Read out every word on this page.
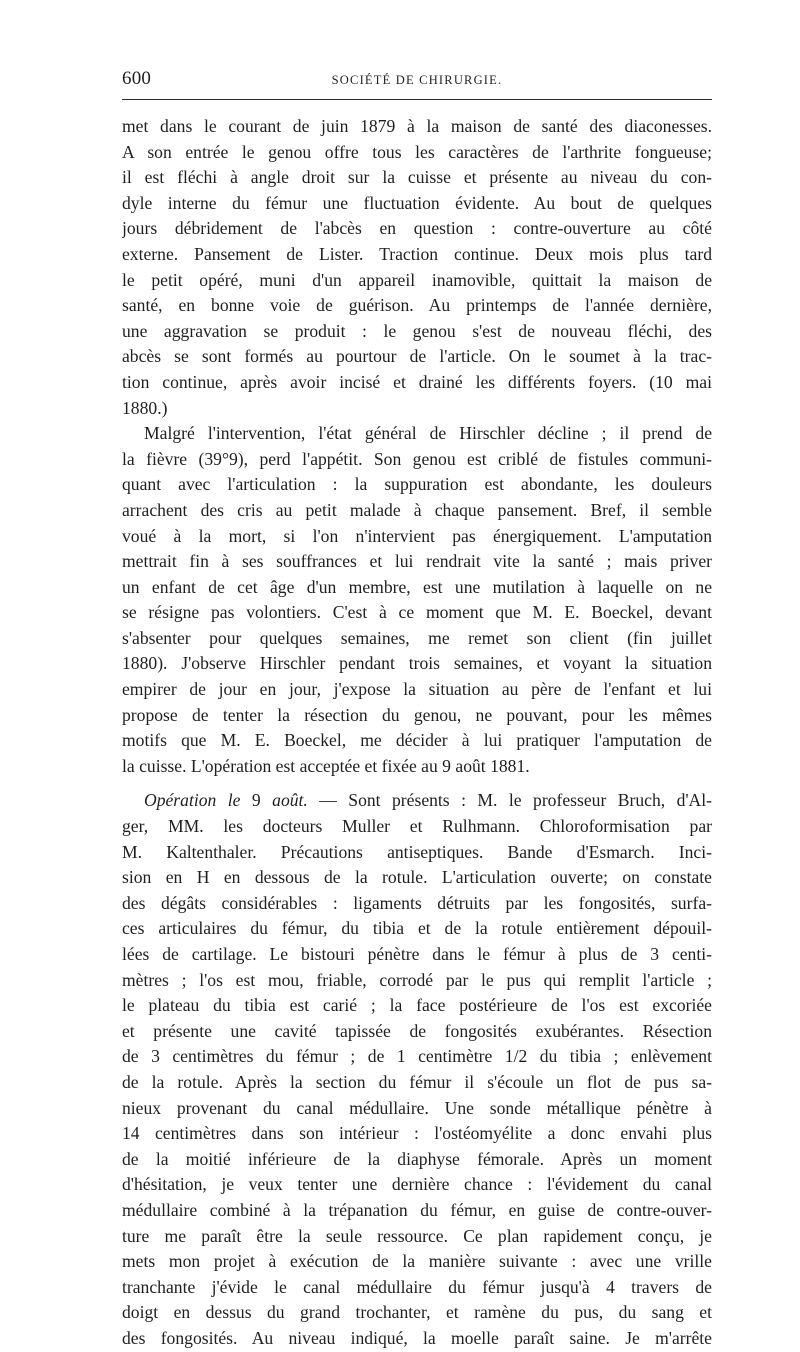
600	SOCIÉTÉ DE CHIRURGIE.
met dans le courant de juin 1879 à la maison de santé des diaconesses.
A son entrée le genou offre tous les caractères de l'arthrite fongueuse;
il est fléchi à angle droit sur la cuisse et présente au niveau du con-
dyle interne du fémur une fluctuation évidente. Au bout de quelques
jours débridement de l'abcès en question : contre-ouverture au côté
externe. Pansement de Lister. Traction continue. Deux mois plus tard
le petit opéré, muni d'un appareil inamovible, quittait la maison de
santé, en bonne voie de guérison. Au printemps de l'année dernière,
une aggravation se produit : le genou s'est de nouveau fléchi, des
abcès se sont formés au pourtour de l'article. On le soumet à la trac-
tion continue, après avoir incisé et drainé les différents foyers. (10 mai
1880.)
Malgré l'intervention, l'état général de Hirschler décline ; il prend de
la fièvre (39°9), perd l'appétit. Son genou est criblé de fistules communi-
quant avec l'articulation : la suppuration est abondante, les douleurs
arrachent des cris au petit malade à chaque pansement. Bref, il semble
voué à la mort, si l'on n'intervient pas énergiquement. L'amputation
mettrait fin à ses souffrances et lui rendrait vite la santé ; mais priver
un enfant de cet âge d'un membre, est une mutilation à laquelle on ne
se résigne pas volontiers. C'est à ce moment que M. E. Boeckel, devant
s'absenter pour quelques semaines, me remet son client (fin juillet
1880). J'observe Hirschler pendant trois semaines, et voyant la situation
empirer de jour en jour, j'expose la situation au père de l'enfant et lui
propose de tenter la résection du genou, ne pouvant, pour les mêmes
motifs que M. E. Boeckel, me décider à lui pratiquer l'amputation de
la cuisse. L'opération est acceptée et fixée au 9 août 1881.
Opération le 9 août. — Sont présents : M. le professeur Bruch, d'Al-
ger, MM. les docteurs Muller et Rulhmann. Chloroformisation par
M. Kaltenthaler. Précautions antiseptiques. Bande d'Esmarch. Inci-
sion en H en dessous de la rotule. L'articulation ouverte; on constate
des dégâts considérables : ligaments détruits par les fongosités, surfa-
ces articulaires du fémur, du tibia et de la rotule entièrement dépouil-
lées de cartilage. Le bistouri pénètre dans le fémur à plus de 3 centi-
mètres ; l'os est mou, friable, corrodé par le pus qui remplit l'article ;
le plateau du tibia est carié ; la face postérieure de l'os est excoriée
et présente une cavité tapissée de fongosités exubérantes. Résection
de 3 centimètres du fémur ; de 1 centimètre 1/2 du tibia ; enlèvement
de la rotule. Après la section du fémur il s'écoule un flot de pus sa-
nieux provenant du canal médullaire. Une sonde métallique pénètre à
14 centimètres dans son intérieur : l'ostéomyélite a donc envahi plus
de la moitié inférieure de la diaphyse fémorale. Après un moment
d'hésitation, je veux tenter une dernière chance : l'évidement du canal
médullaire combiné à la trépanation du fémur, en guise de contre-ouver-
ture me paraît être la seule ressource. Ce plan rapidement conçu, je
mets mon projet à exécution de la manière suivante : avec une vrille
tranchante j'évide le canal médullaire du fémur jusqu'à 4 travers de
doigt en dessus du grand trochanter, et ramène du pus, du sang et
des fongosités. Au niveau indiqué, la moelle paraît saine. Je m'arrête
